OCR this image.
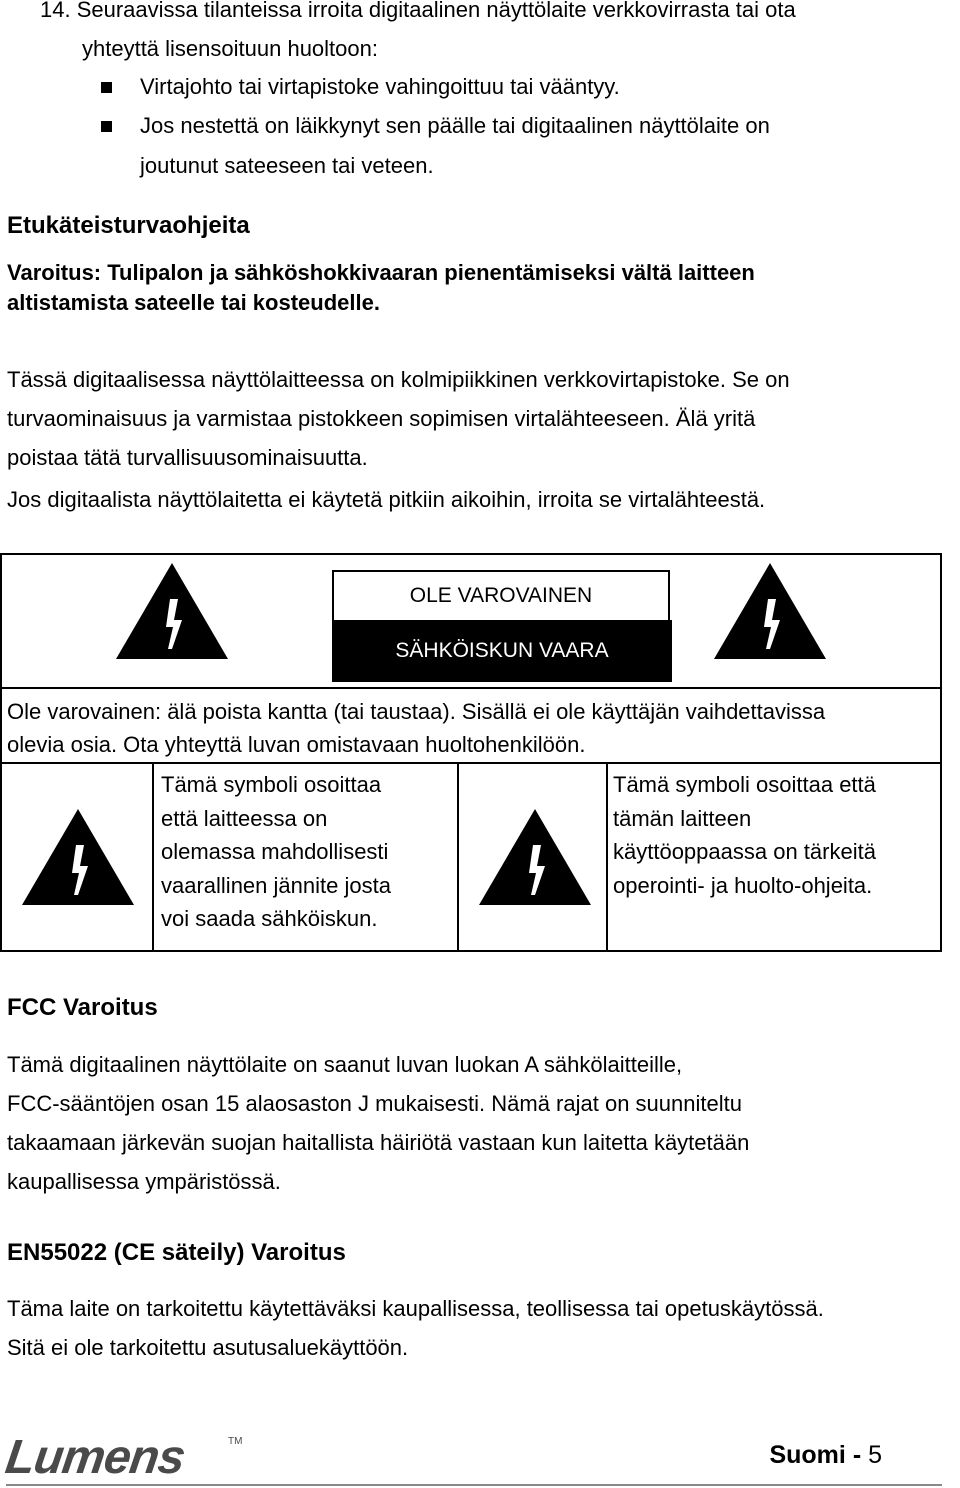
14. Seuraavissa tilanteissa irroita digitaalinen näyttölaite verkkovirrasta tai ota
yhteyttä lisensoituun huoltoon:
Virtajohto tai virtapistoke vahingoittuu tai vääntyy.
Jos nestettä on läikkynyt sen päälle tai digitaalinen näyttölaite on
joutunut sateeseen tai veteen.
Etukäteisturvaohjeita
Varoitus: Tulipalon ja sähköshokkivaaran pienentämiseksi vältä laitteen
altistamista sateelle tai kosteudelle.
Tässä digitaalisessa näyttölaitteessa on kolmipiikkinen verkkovirtapistoke. Se on
turvaominaisuus ja varmistaa pistokkeen sopimisen virtalähteeseen. Älä yritä
poistaa tätä turvallisuusominaisuutta.
Jos digitaalista näyttölaitetta ei käytetä pitkiin aikoihin, irroita se virtalähteestä.
OLE VAROVAINEN
SÄHKÖISKUN VAARA
Ole varovainen: älä poista kantta (tai taustaa). Sisällä ei ole käyttäjän vaihdettavissa
olevia osia. Ota yhteyttä luvan omistavaan huoltohenkilöön.
Tämä symboli osoittaa
että laitteessa on
olemassa mahdollisesti
vaarallinen jännite josta
voi saada sähköiskun.
Tämä symboli osoittaa että
tämän laitteen
käyttöoppaassa on tärkeitä
operointi- ja huolto-ohjeita.
FCC Varoitus
Tämä digitaalinen näyttölaite on saanut luvan luokan A sähkölaitteille,
FCC-sääntöjen osan 15 alaosaston J mukaisesti. Nämä rajat on suunniteltu
takaamaan järkevän suojan haitallista häiriötä vastaan kun laitetta käytetään
kaupallisessa ympäristössä.
EN55022 (CE säteily) Varoitus
Täma laite on tarkoitettu käytettäväksi kaupallisessa, teollisessa tai opetuskäytössä.
Sitä ei ole tarkoitettu asutusaluekäyttöön.
Lumens	TM	Suomi - 5
